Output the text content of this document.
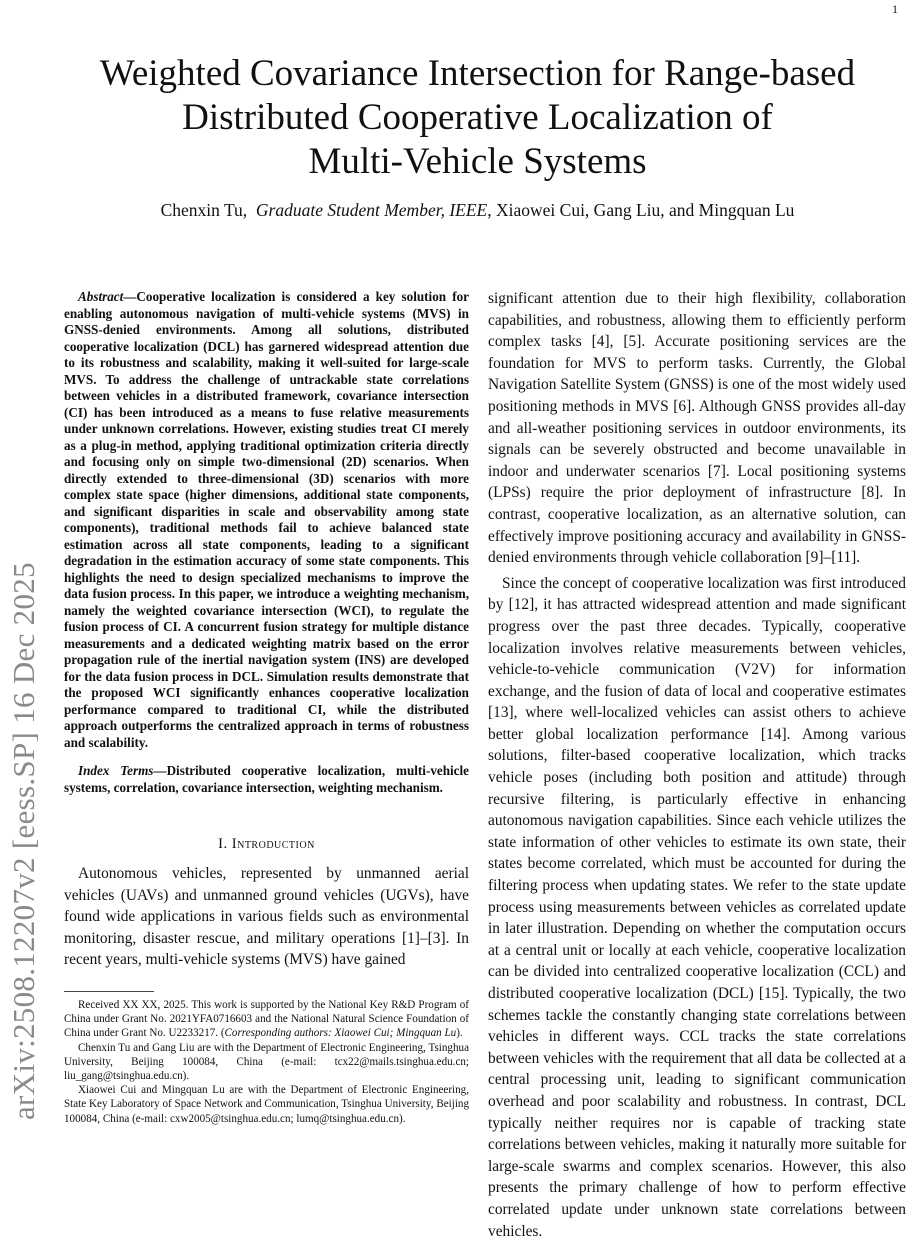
1
arXiv:2508.12207v2 [eess.SP] 16 Dec 2025
Weighted Covariance Intersection for Range-based
Distributed Cooperative Localization of
Multi-Vehicle Systems
Chenxin Tu, Graduate Student Member, IEEE, Xiaowei Cui, Gang Liu, and Mingquan Lu

Abstract—Cooperative localization is considered a key solution for enabling autonomous navigation of multi-vehicle systems (MVS) in GNSS-denied environments. Among all solutions, distributed cooperative localization (DCL) has garnered widespread attention due to its robustness and scalability, making it well-suited for large-scale MVS. To address the challenge of untrackable state correlations between vehicles in a distributed framework, covariance intersection (CI) has been introduced as a means to fuse relative measurements under unknown correlations. However, existing studies treat CI merely as a plug-in method, applying traditional optimization criteria directly and focusing only on simple two-dimensional (2D) scenarios. When directly extended to three-dimensional (3D) scenarios with more complex state space (higher dimensions, additional state components, and significant disparities in scale and observability among state components), traditional methods fail to achieve balanced state estimation across all state components, leading to a significant degradation in the estimation accuracy of some state components. This highlights the need to design specialized mechanisms to improve the data fusion process. In this paper, we introduce a weighting mechanism, namely the weighted covariance intersection (WCI), to regulate the fusion process of CI. A concurrent fusion strategy for multiple distance measurements and a dedicated weighting matrix based on the error propagation rule of the inertial navigation system (INS) are developed for the data fusion process in DCL. Simulation results demonstrate that the proposed WCI significantly enhances cooperative localization performance compared to traditional CI, while the distributed approach outperforms the centralized approach in terms of robustness and scalability.

Index Terms—Distributed cooperative localization, multi-vehicle systems, correlation, covariance intersection, weighting mechanism.

I. Introduction

Autonomous vehicles, represented by unmanned aerial vehicles (UAVs) and unmanned ground vehicles (UGVs), have found wide applications in various fields such as environmental monitoring, disaster rescue, and military operations [1]–[3]. In recent years, multi-vehicle systems (MVS) have gained

Received XX XX, 2025. This work is supported by the National Key R&D Program of China under Grant No. 2021YFA0716603 and the National Natural Science Foundation of China under Grant No. U2233217. (Corresponding authors: Xiaowei Cui; Mingquan Lu).

Chenxin Tu and Gang Liu are with the Department of Electronic Engineering, Tsinghua University, Beijing 100084, China (e-mail: tcx22@mails.tsinghua.edu.cn; liu_gang@tsinghua.edu.cn).

Xiaowei Cui and Mingquan Lu are with the Department of Electronic Engineering, State Key Laboratory of Space Network and Communication, Tsinghua University, Beijing 100084, China (e-mail: cxw2005@tsinghua.edu.cn; lumq@tsinghua.edu.cn).

significant attention due to their high flexibility, collaboration capabilities, and robustness, allowing them to efficiently perform complex tasks [4], [5]. Accurate positioning services are the foundation for MVS to perform tasks. Currently, the Global Navigation Satellite System (GNSS) is one of the most widely used positioning methods in MVS [6]. Although GNSS provides all-day and all-weather positioning services in outdoor environments, its signals can be severely obstructed and become unavailable in indoor and underwater scenarios [7]. Local positioning systems (LPSs) require the prior deployment of infrastructure [8]. In contrast, cooperative localization, as an alternative solution, can effectively improve positioning accuracy and availability in GNSS-denied environments through vehicle collaboration [9]–[11].

Since the concept of cooperative localization was first introduced by [12], it has attracted widespread attention and made significant progress over the past three decades. Typically, cooperative localization involves relative measurements between vehicles, vehicle-to-vehicle communication (V2V) for information exchange, and the fusion of data of local and cooperative estimates [13], where well-localized vehicles can assist others to achieve better global localization performance [14]. Among various solutions, filter-based cooperative localization, which tracks vehicle poses (including both position and attitude) through recursive filtering, is particularly effective in enhancing autonomous navigation capabilities. Since each vehicle utilizes the state information of other vehicles to estimate its own state, their states become correlated, which must be accounted for during the filtering process when updating states. We refer to the state update process using measurements between vehicles as correlated update in later illustration. Depending on whether the computation occurs at a central unit or locally at each vehicle, cooperative localization can be divided into centralized cooperative localization (CCL) and distributed cooperative localization (DCL) [15]. Typically, the two schemes tackle the constantly changing state correlations between vehicles in different ways. CCL tracks the state correlations between vehicles with the requirement that all data be collected at a central processing unit, leading to significant communication overhead and poor scalability and robustness. In contrast, DCL typically neither requires nor is capable of tracking state correlations between vehicles, making it naturally more suitable for large-scale swarms and complex scenarios. However, this also presents the primary challenge of how to perform effective correlated update under unknown state correlations between vehicles.
